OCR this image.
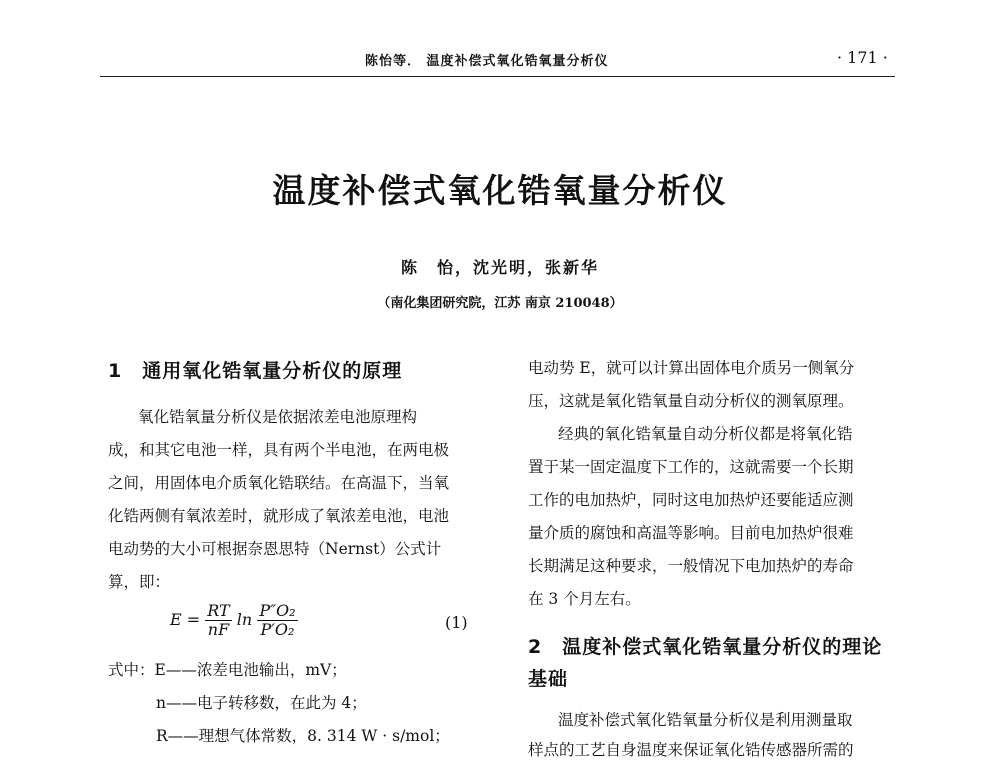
陈怡等． 温度补偿式氧化锆氧量分析仪	· 171 ·
温度补偿式氧化锆氧量分析仪
陈　怡，沈光明，张新华
（南化集团研究院，江苏 南京 210048）
1　通用氧化锆氧量分析仪的原理
氧化锆氧量分析仪是依据浓差电池原理构
成，和其它电池一样，具有两个半电池，在两电极
之间，用固体电介质氧化锆联结。在高温下，当氧
化锆两侧有氧浓差时，就形成了氧浓差电池，电池
电动势的大小可根据奈恩思特（Nernst）公式计
算，即：
$E = \frac{RT}{nF}$ $\ln \frac{\text{P″O₂}}{\text{P′O₂}}$	(1)
式中：E——浓差电池输出，mV；
n——电子转移数，在此为 4；
R——理想气体常数，8. 314 W · s/mol；
电动势 E，就可以计算出固体电介质另一侧氧分
压，这就是氧化锆氧量自动分析仪的测氧原理。
经典的氧化锆氧量自动分析仪都是将氧化锆
置于某一固定温度下工作的，这就需要一个长期
工作的电加热炉，同时这电加热炉还要能适应测
量介质的腐蚀和高温等影响。目前电加热炉很难
长期满足这种要求，一般情况下电加热炉的寿命
在 3 个月左右。
2　温度补偿式氧化锆氧量分析仪的理论
基础
温度补偿式氧化锆氧量分析仪是利用测量取
样点的工艺自身温度来保证氧化锆传感器所需的
